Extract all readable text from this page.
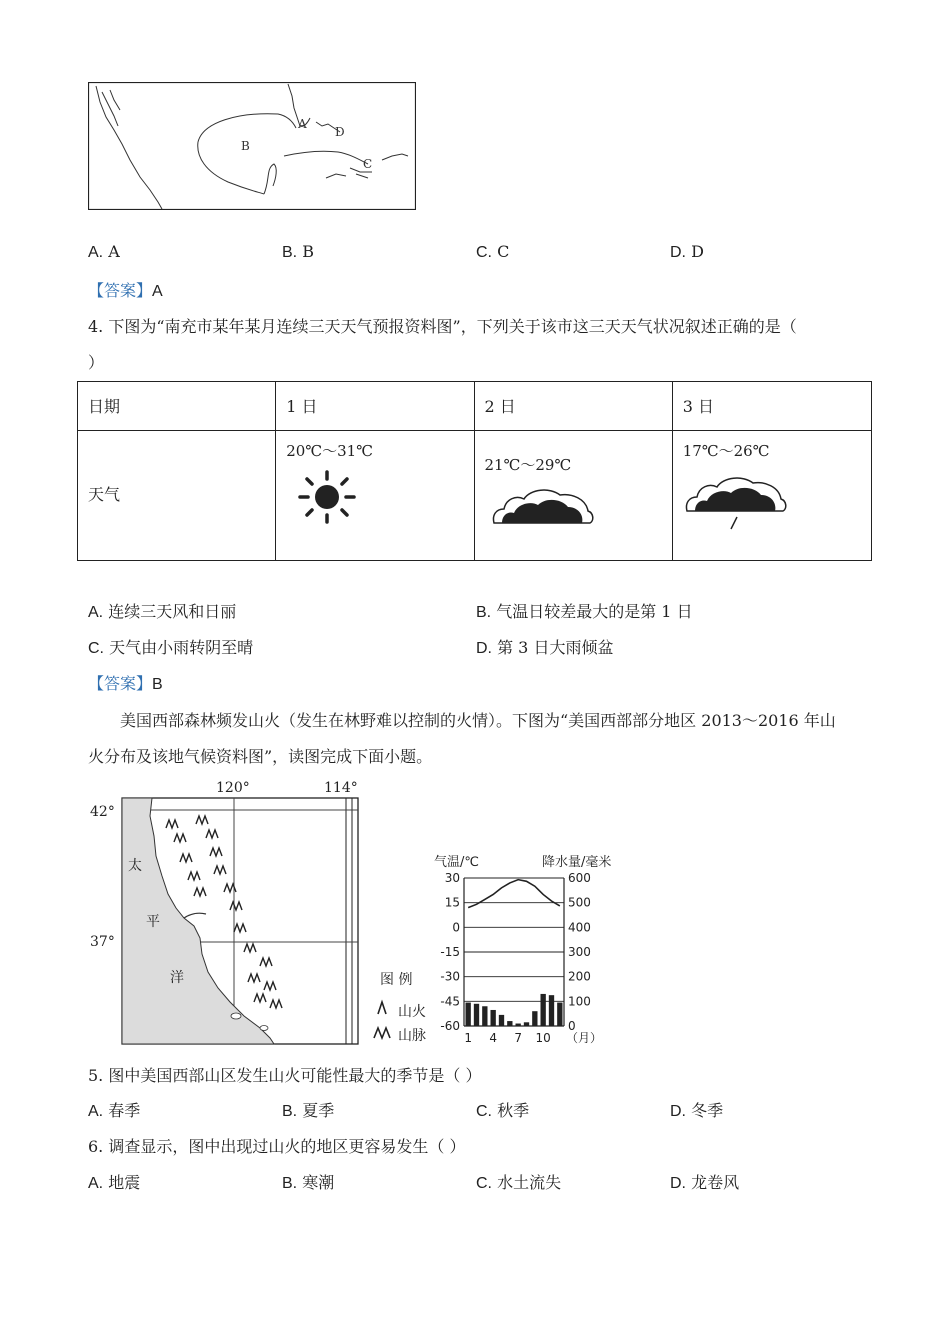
B
A
D
C
A. A	B. B	C. C	D. D
【答案】A
4. 下图为“南充市某年某月连续三天天气预报资料图”，下列关于该市这三天天气状况叙述正确的是（
）
日期	1 日	2 日	3 日

天气	20℃～31℃	21℃～29℃	17℃～26℃
A. 连续三天风和日丽	B. 气温日较差最大的是第 1 日
C. 天气由小雨转阴至晴	D. 第 3 日大雨倾盆
【答案】B
美国西部森林频发山火（发生在林野难以控制的火情）。下图为“美国西部部分地区 2013～2016 年山
火分布及该地气候资料图”，读图完成下面小题。
120°	114°
42°
37°
太
平
洋	图 例
山火
山脉
气温/℃	降水量/毫米
30
15
0
-15
-30
-45
-60
600
500
400
300
200
100
0
1 4 7 10 （月）
5. 图中美国西部山区发生山火可能性最大的季节是（ ）
A. 春季	B. 夏季	C. 秋季	D. 冬季
6. 调查显示，图中出现过山火的地区更容易发生（ ）
A. 地震	B. 寒潮	C. 水土流失	D. 龙卷风
